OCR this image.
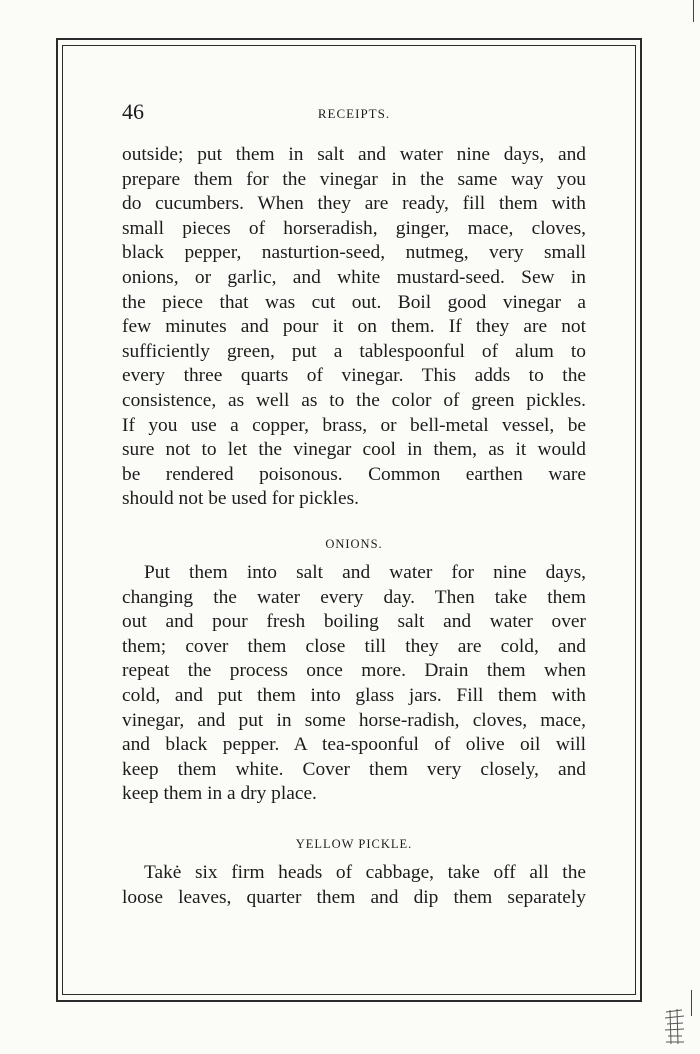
46	RECEIPTS.
outside; put them in salt and water nine days, and
prepare them for the vinegar in the same way you
do cucumbers. When they are ready, fill them with
small pieces of horseradish, ginger, mace, cloves,
black pepper, nasturtion-seed, nutmeg, very small
onions, or garlic, and white mustard-seed. Sew in
the piece that was cut out. Boil good vinegar a
few minutes and pour it on them. If they are not
sufficiently green, put a tablespoonful of alum to
every three quarts of vinegar. This adds to the
consistence, as well as to the color of green pickles.
If you use a copper, brass, or bell-metal vessel, be
sure not to let the vinegar cool in them, as it would
be rendered poisonous. Common earthen ware
should not be used for pickles.
ONIONS.
Put them into salt and water for nine days,
changing the water every day. Then take them
out and pour fresh boiling salt and water over
them; cover them close till they are cold, and
repeat the process once more. Drain them when
cold, and put them into glass jars. Fill them with
vinegar, and put in some horse-radish, cloves, mace,
and black pepper. A tea-spoonful of olive oil will
keep them white. Cover them very closely, and
keep them in a dry place.
YELLOW PICKLE.
Takė six firm heads of cabbage, take off all the
loose leaves, quarter them and dip them separately
